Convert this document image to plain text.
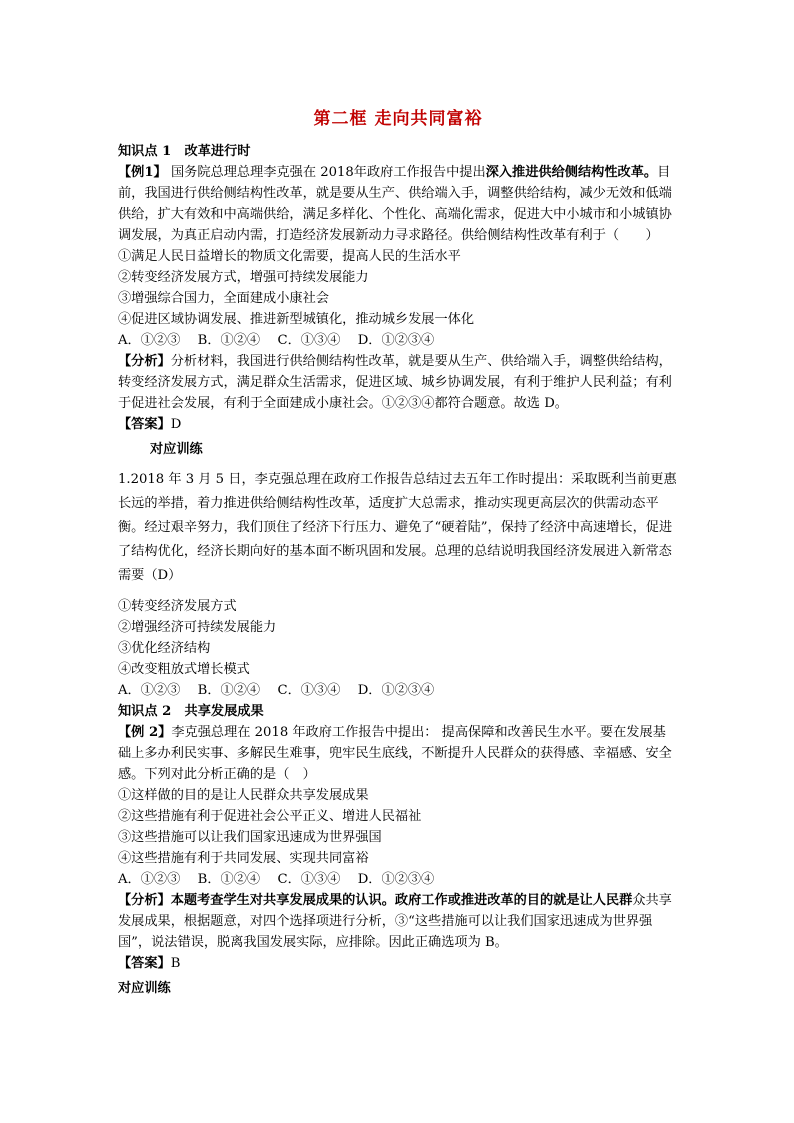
第二框 走向共同富裕

知识点 1　改革进行时

【例1】 国务院总理总理李克强在 2018年政府工作报告中提出深入推进供给侧结构性改革。目前，我国进行供给侧结构性改革，就是要从生产、供给端入手，调整供给结构，减少无效和低端供给，扩大有效和中高端供给，满足多样化、个性化、高端化需求，促进大中小城市和小城镇协调发展，为真正启动内需，打造经济发展新动力寻求路径。供给侧结构性改革有利于（　　）

①满足人民日益增长的物质文化需要，提高人民的生活水平

②转变经济发展方式，增强可持续发展能力

③增强综合国力，全面建成小康社会

④促进区域协调发展、推进新型城镇化，推动城乡发展一体化

A．①②③　 B．①②④　 C．①③④　 D．①②③④

【分析】分析材料，我国进行供给侧结构性改革，就是要从生产、供给端入手，调整供给结构，转变经济发展方式，满足群众生活需求，促进区域、城乡协调发展，有利于维护人民利益；有利于促进社会发展，有利于全面建成小康社会。①②③④都符合题意。故选 D。

【答案】D

对应训练

1.2018 年 3 月 5 日，李克强总理在政府工作报告总结过去五年工作时提出：采取既利当前更惠长远的举措，着力推进供给侧结构性改革，适度扩大总需求，推动实现更高层次的供需动态平衡。经过艰辛努力，我们顶住了经济下行压力、避免了“硬着陆”，保持了经济中高速增长，促进了结构优化，经济长期向好的基本面不断巩固和发展。总理的总结说明我国经济发展进入新常态需要（D）

①转变经济发展方式

②增强经济可持续发展能力

③优化经济结构

④改变粗放式增长模式

A．①②③　 B．①②④　 C．①③④　 D．①②③④

知识点 2　共享发展成果

【例 2】李克强总理在 2018 年政府工作报告中提出： 提高保障和改善民生水平。要在发展基础上多办利民实事、多解民生难事，兜牢民生底线，不断提升人民群众的获得感、幸福感、安全感。下列对此分析正确的是（　）

①这样做的目的是让人民群众共享发展成果

②这些措施有利于促进社会公平正义、增进人民福祉

③这些措施可以让我们国家迅速成为世界强国

④这些措施有利于共同发展、实现共同富裕

A．①②③　 B．①②④　 C．①③④　 D．①②③④

【分析】本题考查学生对共享发展成果的认识。政府工作或推进改革的目的就是让人民群众共享发展成果，根据题意，对四个选择项进行分析，③“这些措施可以让我们国家迅速成为世界强国”，说法错误，脱离我国发展实际，应排除。因此正确选项为 B。

【答案】B

对应训练
